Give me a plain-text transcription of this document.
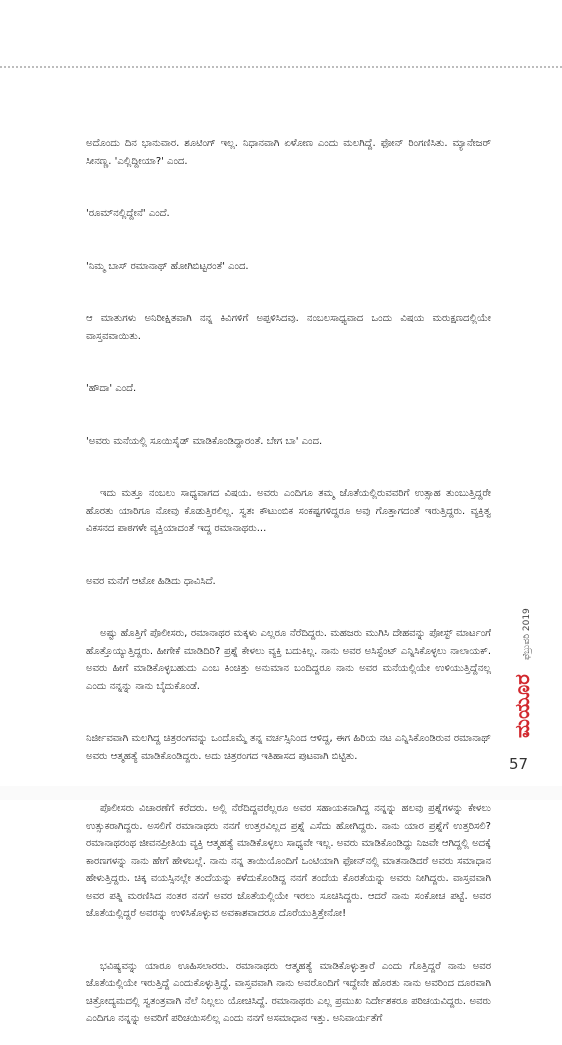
ಅದೊಂದು ದಿನ ಭಾನುವಾರ. ಶೂಟಿಂಗ್ ಇಲ್ಲ. ನಿಧಾನವಾಗಿ ಏಳೋಣ ಎಂದು ಮಲಗಿದ್ದೆ. ಫೋನ್ ರಿಂಗಣಿಸಿತು. ಮ್ಯಾನೇಜರ್ ಸೀನಣ್ಣ. 'ಎಲ್ಲಿದ್ದೀಯಾ?' ಎಂದ.

'ರೂಮ್‌ನಲ್ಲಿದ್ದೇನೆ' ಎಂದೆ.

'ನಿಮ್ಮ ಬಾಸ್ ರಮಾನಾಥ್ ಹೋಗಿಬಿಟ್ಟರಂತೆ' ಎಂದ.

ಆ ಮಾತುಗಳು ಅನಿರೀಕ್ಷಿತವಾಗಿ ನನ್ನ ಕಿವಿಗಳಿಗೆ ಅಪ್ಪಳಿಸಿದವು. ನಂಬಲಸಾಧ್ಯವಾದ ಒಂದು ವಿಷಯ ಮರುಕ್ಷಣದಲ್ಲಿಯೇ ವಾಸ್ತವವಾಯಿತು.

'ಹೌದಾ' ಎಂದೆ.

'ಅವರು ಮನೆಯಲ್ಲಿ ಸೂಯಿಸೈಡ್ ಮಾಡಿಕೊಂಡಿದ್ದಾರಂತೆ. ಬೇಗ ಬಾ' ಎಂದ.

ಇದು ಮತ್ತೂ ನಂಬಲು ಸಾಧ್ಯವಾಗದ ವಿಷಯ. ಅವರು ಎಂದಿಗೂ ತಮ್ಮ ಜೊತೆಯಲ್ಲಿರುವವರಿಗೆ ಉತ್ಸಾಹ ತುಂಬುತ್ತಿದ್ದರೇ ಹೊರತು ಯಾರಿಗೂ ನೋವು ಕೊಡುತ್ತಿರಲಿಲ್ಲ. ಸ್ವತಃ ಕೌಟುಂಬಿಕ ಸಂಕಷ್ಟಗಳಿದ್ದರೂ ಅವು ಗೊತ್ತಾಗದಂತೆ ಇರುತ್ತಿದ್ದರು. ವ್ಯಕ್ತಿತ್ವ ವಿಕಸನದ ಪಾಠಗಳೇ ವ್ಯಕ್ತಿಯಾದಂತೆ ಇದ್ದ ರಮಾನಾಥರು...

ಅವರ ಮನೆಗೆ ಆಟೋ ಹಿಡಿದು ಧಾವಿಸಿದೆ.

ಅಷ್ಟು ಹೊತ್ತಿಗೆ ಪೊಲೀಸರು, ರಮಾನಾಥರ ಮಕ್ಕಳು ಎಲ್ಲರೂ ನೆರೆದಿದ್ದರು. ಮಹಜರು ಮುಗಿಸಿ ದೇಹವನ್ನು ಪೋಸ್ಟ್ ಮಾರ್ಟಂಗೆ ಹೊತ್ತೊಯ್ಯುತ್ತಿದ್ದರು. ಹೀಗೇಕೆ ಮಾಡಿದಿರಿ? ಪ್ರಶ್ನೆ ಕೇಳಲು ವ್ಯಕ್ತಿ ಬದುಕಿಲ್ಲ. ನಾನು ಅವರ ಅಸಿಸ್ಟೆಂಟ್ ಎನ್ನಿಸಿಕೊಳ್ಳಲು ನಾಲಾಯಕ್. ಅವರು ಹೀಗೆ ಮಾಡಿಕೊಳ್ಳಬಹುದು ಎಂಬ ಕಿಂಚಿತ್ತು ಅನುಮಾನ ಬಂದಿದ್ದರೂ ನಾನು ಅವರ ಮನೆಯಲ್ಲಿಯೇ ಉಳಿಯುತ್ತಿದ್ದೆನಲ್ಲ ಎಂದು ನನ್ನನ್ನು ನಾನು ಬೈದುಕೊಂಡೆ.

ನಿರ್ಜೀವವಾಗಿ ಮಲಗಿದ್ದ ಚಿತ್ರರಂಗವನ್ನು ಒಂದೊಮ್ಮೆ ತನ್ನ ವರ್ಚಸ್ಸಿನಿಂದ ಆಳಿದ್ದ, ಈಗ ಹಿರಿಯ ನಟ ಎನ್ನಿಸಿಕೊಂಡಿರುವ ರಮಾನಾಥ್ ಅವರು ಆತ್ಮಹತ್ಯೆ ಮಾಡಿಕೊಂಡಿದ್ದರು. ಅದು ಚಿತ್ರರಂಗದ ಇತಿಹಾಸದ ಪುಟವಾಗಿ ಬಿಟ್ಟಿತು.

ಪೊಲೀಸರು ವಿಚಾರಣೆಗೆ ಕರೆದರು. ಅಲ್ಲಿ ನೆರೆದಿದ್ದವರೆಲ್ಲರೂ ಅವರ ಸಹಾಯಕನಾಗಿದ್ದ ನನ್ನನ್ನು ಹಲವು ಪ್ರಶ್ನೆಗಳನ್ನು ಕೇಳಲು ಉತ್ಸುಕರಾಗಿದ್ದರು. ಅಸಲಿಗೆ ರಮಾನಾಥರು ನನಗೆ ಉತ್ತರವಿಲ್ಲದ ಪ್ರಶ್ನೆ ಎಸೆದು ಹೋಗಿದ್ದರು. ನಾನು ಯಾರ ಪ್ರಶ್ನೆಗೆ ಉತ್ತರಿಸಲಿ? ರಮಾನಾಥರಂಥ ಜೀವನಪ್ರೀತಿಯ ವ್ಯಕ್ತಿ ಆತ್ಮಹತ್ಯೆ ಮಾಡಿಕೊಳ್ಳಲು ಸಾಧ್ಯವೇ ಇಲ್ಲ. ಅವರು ಮಾಡಿಕೊಂಡಿದ್ದು ನಿಜವೇ ಆಗಿದ್ದಲ್ಲಿ ಅದಕ್ಕೆ ಕಾರಣಗಳನ್ನು ನಾನು ಹೇಗೆ ಹೇಳಬಲ್ಲೆ. ನಾನು ನನ್ನ ತಾಯಿಯೊಂದಿಗೆ ಒಂಟಿಯಾಗಿ ಫೋನ್‌ನಲ್ಲಿ ಮಾತನಾಡಿದರೆ ಅವರು ಸಮಾಧಾನ ಹೇಳುತ್ತಿದ್ದರು. ಚಿಕ್ಕ ವಯಸ್ಸಿನಲ್ಲೇ ತಂದೆಯನ್ನು ಕಳೆದುಕೊಂಡಿದ್ದ ನನಗೆ ತಂದೆಯ ಕೊರತೆಯನ್ನು ಅವರು ನೀಗಿದ್ದರು. ವಾಸ್ತವವಾಗಿ ಅವರ ಪತ್ನಿ ಮರಣಿಸಿದ ನಂತರ ನನಗೆ ಅವರ ಜೊತೆಯಲ್ಲಿಯೇ ಇರಲು ಸೂಚಿಸಿದ್ದರು. ಆದರೆ ನಾನು ಸಂಕೋಚ ಪಟ್ಟೆ. ಅವರ ಜೊತೆಯಲ್ಲಿದ್ದರೆ ಅವರನ್ನು ಉಳಿಸಿಕೊಳ್ಳುವ ಅವಕಾಶವಾದರೂ ದೊರೆಯುತ್ತಿತ್ತೇನೋ!

ಭವಿಷ್ಯವನ್ನು ಯಾರೂ ಊಹಿಸಲಾರರು. ರಮಾನಾಥರು ಆತ್ಮಹತ್ಯೆ ಮಾಡಿಕೊಳ್ಳುತ್ತಾರೆ ಎಂದು ಗೊತ್ತಿದ್ದರೆ ನಾನು ಅವರ ಜೊತೆಯಲ್ಲಿಯೇ ಇರುತ್ತಿದ್ದೆ ಎಂದುಕೊಳ್ಳುತ್ತಿದ್ದೆ. ವಾಸ್ತವವಾಗಿ ನಾನು ಅವರೊಂದಿಗೆ ಇದ್ದೇನೇ ಹೊರತು ನಾನು ಅವರಿಂದ ದೂರವಾಗಿ ಚಿತ್ರೋದ್ಯಮದಲ್ಲಿ ಸ್ವತಂತ್ರವಾಗಿ ನೆಲೆ ನಿಲ್ಲಲು ಯೋಚಿಸಿದ್ದೆ. ರಮಾನಾಥರು ಎಲ್ಲ ಪ್ರಮುಖ ನಿರ್ದೇಶಕರೂ ಪರಿಚಯವಿದ್ದರು. ಅವರು ಎಂದಿಗೂ ನನ್ನನ್ನು ಅವರಿಗೆ ಪರಿಚಯಿಸಲಿಲ್ಲ ಎಂದು ನನಗೆ ಅಸಮಾಧಾನ ಇತ್ತು. ಅನಿವಾರ್ಯತೆಗೆ

ಫೆಬ್ರುವರಿ 2019
ಮಯೂರ
57
